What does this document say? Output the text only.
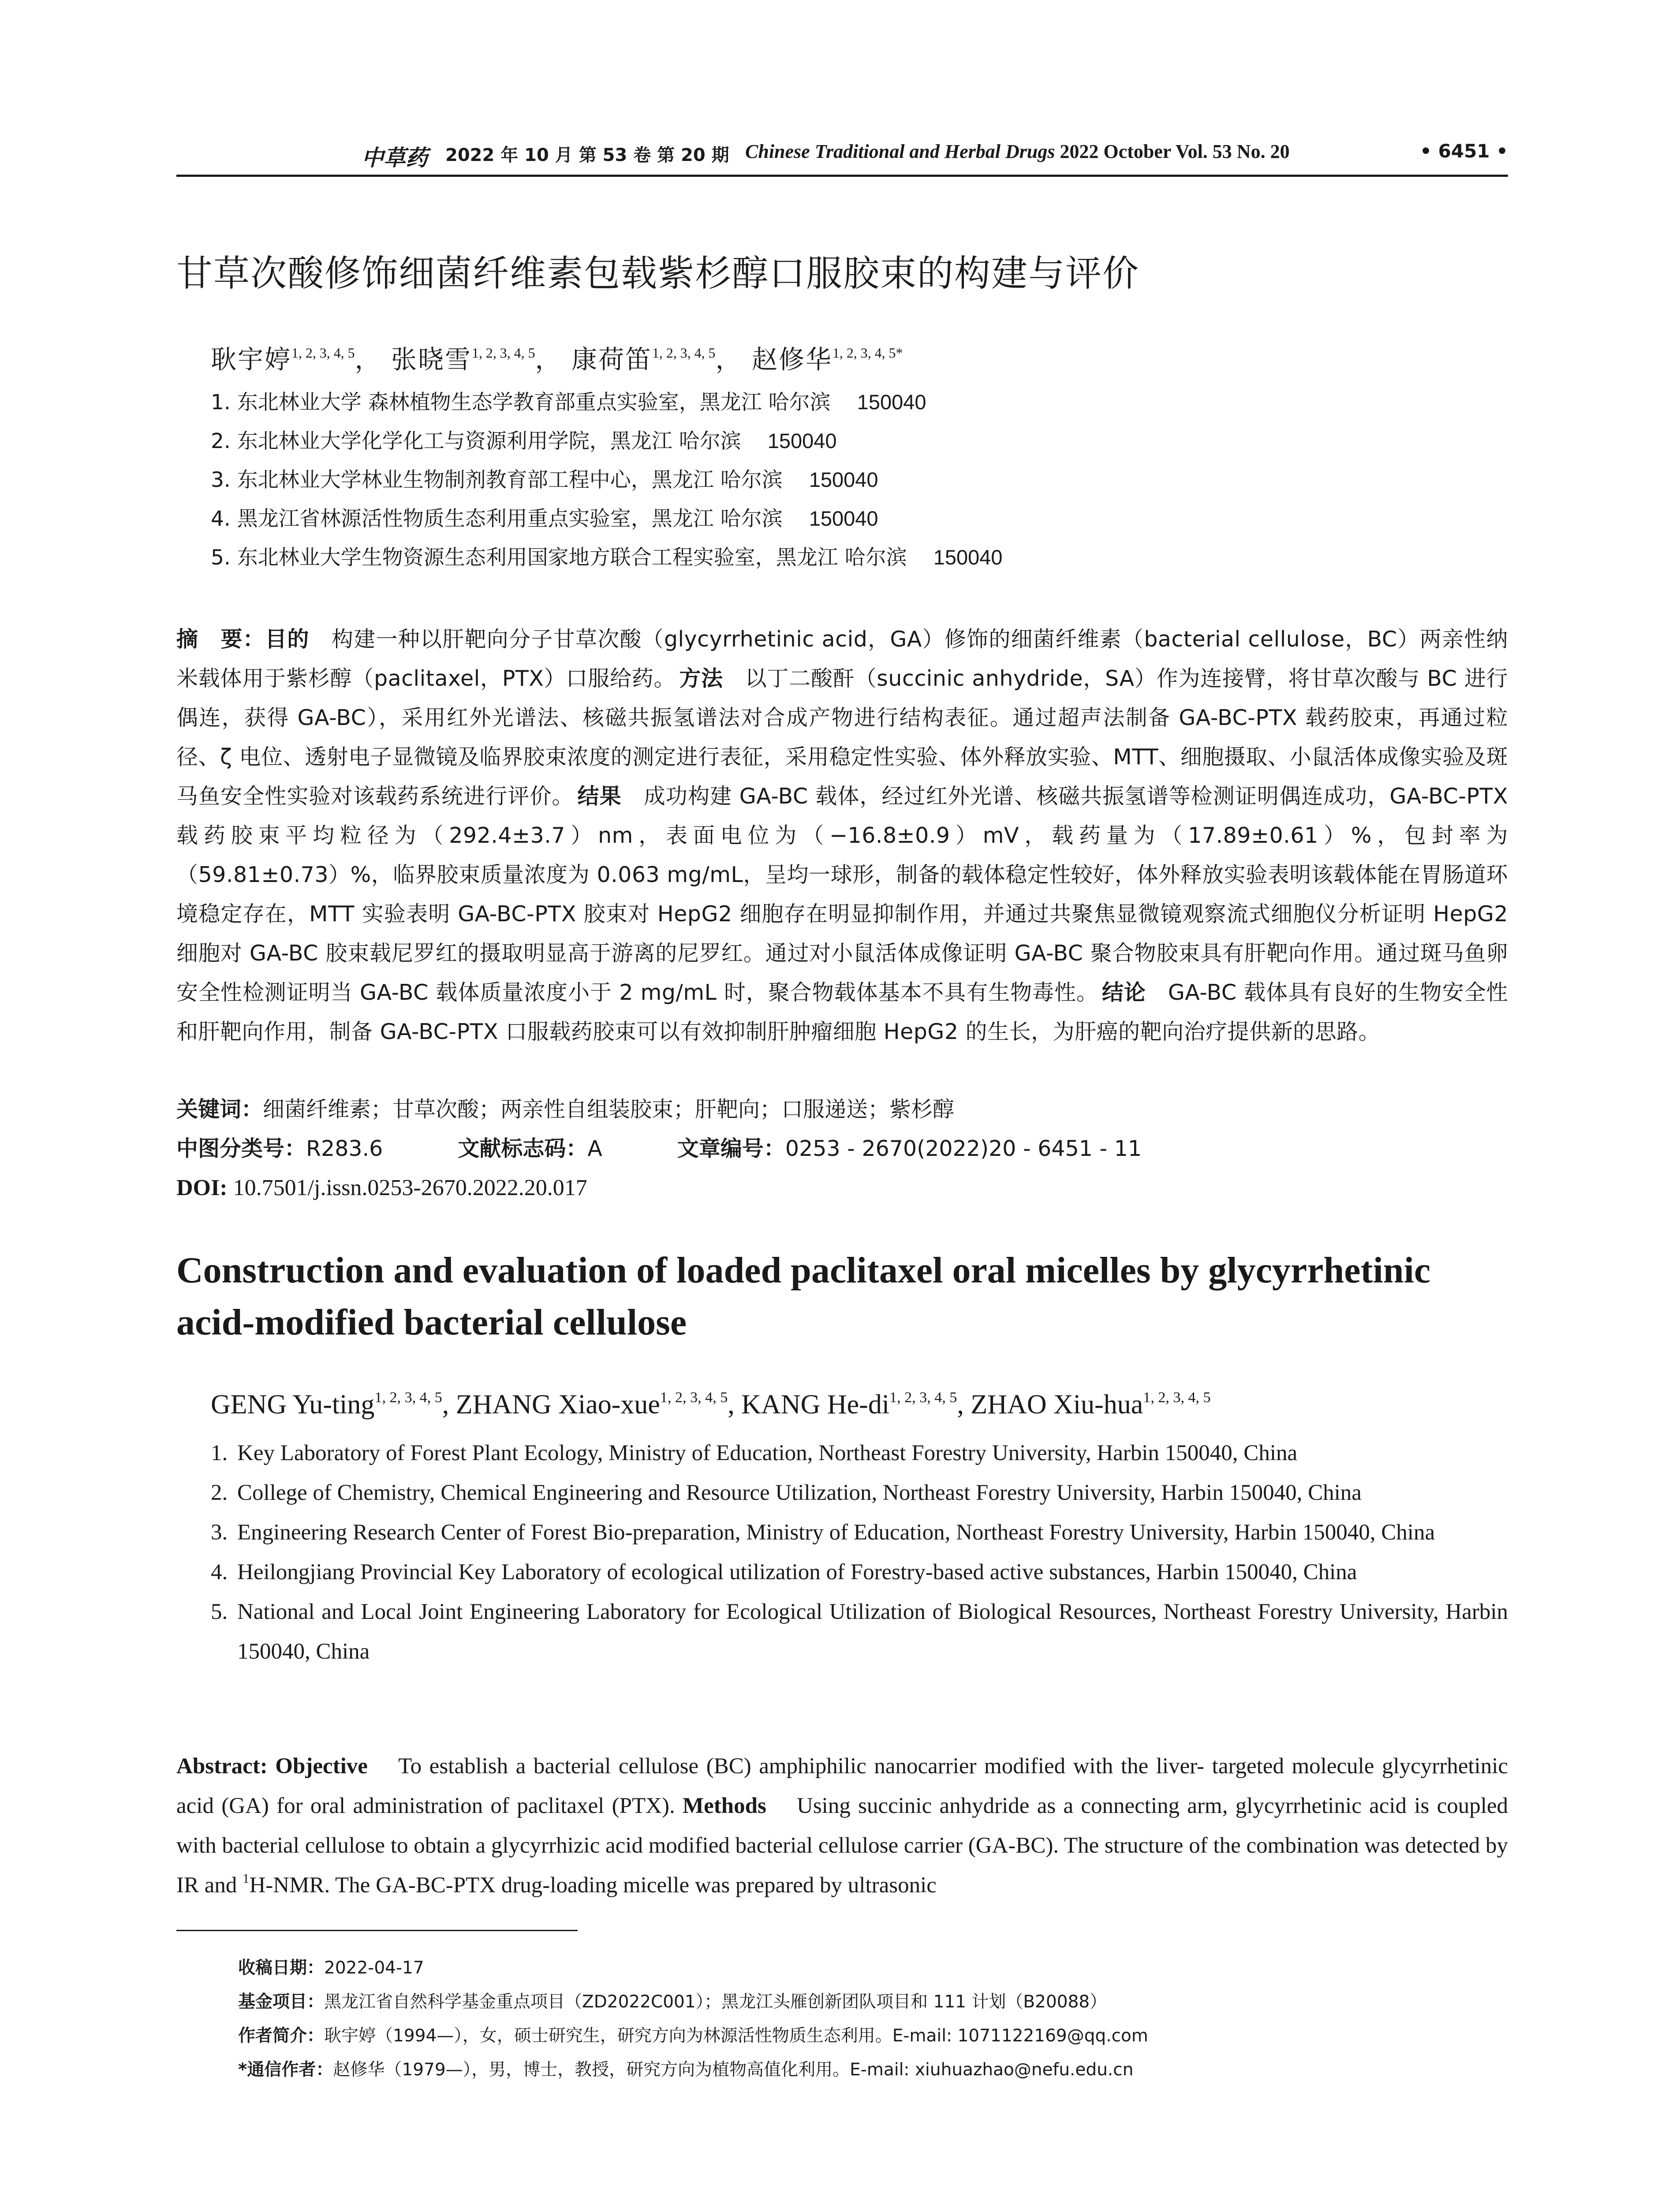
中草药 2022 年 10 月 第 53 卷 第 20 期 Chinese Traditional and Herbal Drugs 2022 October Vol. 53 No. 20	• 6451 •
甘草次酸修饰细菌纤维素包载紫杉醇口服胶束的构建与评价
耿宇婷$^{1, 2, 3, 4, 5}$， 张晓雪$^{1, 2, 3, 4, 5}$， 康荷笛$^{1, 2, 3, 4, 5}$， 赵修华$^{1, 2, 3, 4, 5*}$
1. 东北林业大学 森林植物生态学教育部重点实验室，黑龙江 哈尔滨 150040
2. 东北林业大学化学化工与资源利用学院，黑龙江 哈尔滨 150040
3. 东北林业大学林业生物制剂教育部工程中心，黑龙江 哈尔滨 150040
4. 黑龙江省林源活性物质生态利用重点实验室，黑龙江 哈尔滨 150040
5. 东北林业大学生物资源生态利用国家地方联合工程实验室，黑龙江 哈尔滨 150040
摘　要：目的　 构建一种以肝靶向分子甘草次酸（glycyrrhetinic acid，GA）修饰的细菌纤维素（bacterial cellulose，BC）两亲性纳米载体用于紫杉醇（paclitaxel，PTX）口服给药。 方法　 以丁二酸酐（succinic anhydride，SA）作为连接臂，将甘草次酸与 BC 进行偶连，获得 GA-BC），采用红外光谱法、核磁共振氢谱法对合成产物进行结构表征。通过超声法制备 GA-BC-PTX 载药胶束，再通过粒径、ζ 电位、透射电子显微镜及临界胶束浓度的测定进行表征，采用稳定性实验、体外释放实验、MTT、细胞摄取、小鼠活体成像实验及斑马鱼安全性实验对该载药系统进行评价。 结果　 成功构建 GA-BC 载体，经过红外光谱、核磁共振氢谱等检测证明偶连成功，GA-BC-PTX 载药胶束平均粒径为（292.4±3.7）nm，表面电位为（−16.8±0.9）mV，载药量为（17.89±0.61）%，包封率为（59.81±0.73）%，临界胶束质量浓度为 0.063 mg/mL，呈均一球形，制备的载体稳定性较好，体外释放实验表明该载体能在胃肠道环境稳定存在，MTT 实验表明 GA-BC-PTX 胶束对 HepG2 细胞存在明显抑制作用，并通过共聚焦显微镜观察流式细胞仪分析证明 HepG2 细胞对 GA-BC 胶束载尼罗红的摄取明显高于游离的尼罗红。通过对小鼠活体成像证明 GA-BC 聚合物胶束具有肝靶向作用。通过斑马鱼卵安全性检测证明当 GA-BC 载体质量浓度小于 2 mg/mL 时，聚合物载体基本不具有生物毒性。 结论　 GA-BC 载体具有良好的生物安全性和肝靶向作用，制备 GA-BC-PTX 口服载药胶束可以有效抑制肝肿瘤细胞 HepG2 的生长，为肝癌的靶向治疗提供新的思路。
关键词：细菌纤维素；甘草次酸；两亲性自组装胶束；肝靶向；口服递送；紫杉醇
中图分类号：R283.6	文献标志码：A	文章编号：0253 - 2670(2022)20 - 6451 - 11
DOI: 10.7501/j.issn.0253-2670.2022.20.017
Construction and evaluation of loaded paclitaxel oral micelles by glycyrrhetinic acid-modified bacterial cellulose
GENG Yu-ting$^{1, 2, 3, 4, 5}$, ZHANG Xiao-xue$^{1, 2, 3, 4, 5}$, KANG He-di$^{1, 2, 3, 4, 5}$, ZHAO Xiu-hua$^{1, 2, 3, 4, 5}$
1. Key Laboratory of Forest Plant Ecology, Ministry of Education, Northeast Forestry University, Harbin 150040, China
2. College of Chemistry, Chemical Engineering and Resource Utilization, Northeast Forestry University, Harbin 150040, China
3. Engineering Research Center of Forest Bio-preparation, Ministry of Education, Northeast Forestry University, Harbin 150040, China
4. Heilongjiang Provincial Key Laboratory of ecological utilization of Forestry-based active substances, Harbin 150040, China
5. National and Local Joint Engineering Laboratory for Ecological Utilization of Biological Resources, Northeast Forestry University, Harbin 150040, China
Abstract: Objective To establish a bacterial cellulose (BC) amphiphilic nanocarrier modified with the liver- targeted molecule glycyrrhetinic acid (GA) for oral administration of paclitaxel (PTX). Methods Using succinic anhydride as a connecting arm, glycyrrhetinic acid is coupled with bacterial cellulose to obtain a glycyrrhizic acid modified bacterial cellulose carrier (GA-BC). The structure of the combination was detected by IR and $^1$H-NMR. The GA-BC-PTX drug-loading micelle was prepared by ultrasonic
收稿日期：2022-04-17
基金项目：黑龙江省自然科学基金重点项目（ZD2022C001）；黑龙江头雁创新团队项目和 111 计划（B20088）
作者简介：耿宇婷（1994—），女，硕士研究生，研究方向为林源活性物质生态利用。E-mail: 1071122169@qq.com
*通信作者：赵修华（1979—），男，博士，教授，研究方向为植物高值化利用。E-mail: xiuhuazhao@nefu.edu.cn
